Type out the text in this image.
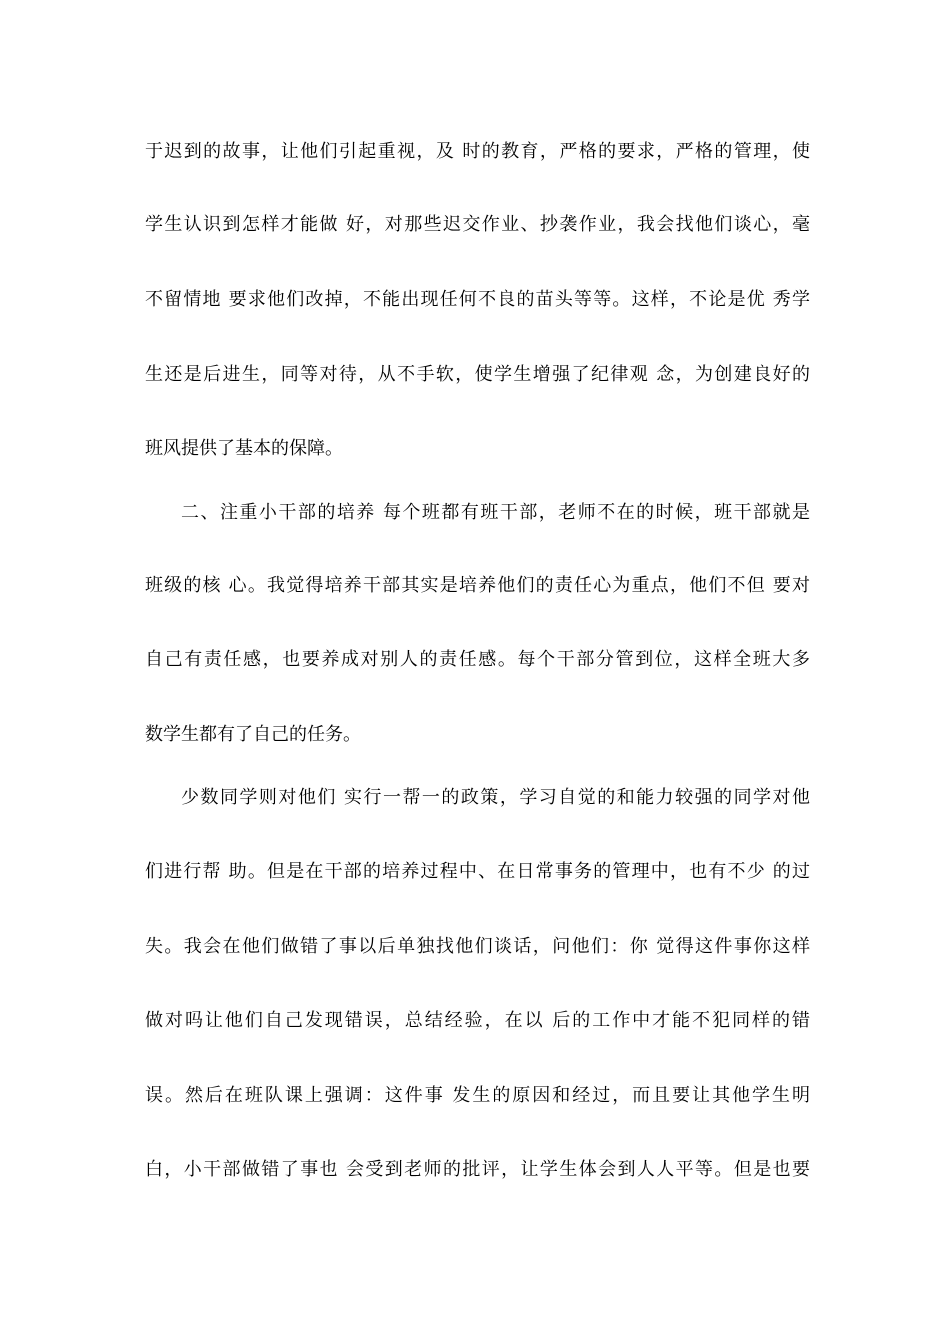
于迟到的故事，让他们引起重视，及 时的教育，严格的要求，严格的管理，使
学生认识到怎样才能做 好，对那些迟交作业、抄袭作业，我会找他们谈心，毫
不留情地 要求他们改掉，不能出现任何不良的苗头等等。这样，不论是优 秀学
生还是后进生，同等对待，从不手软，使学生增强了纪律观 念，为创建良好的
班风提供了基本的保障。
二、注重小干部的培养 每个班都有班干部，老师不在的时候，班干部就是
班级的核 心。我觉得培养干部其实是培养他们的责任心为重点，他们不但 要对
自己有责任感，也要养成对别人的责任感。每个干部分管到位，这样全班大多
数学生都有了自己的任务。
少数同学则对他们 实行一帮一的政策，学习自觉的和能力较强的同学对他
们进行帮 助。但是在干部的培养过程中、在日常事务的管理中，也有不少 的过
失。我会在他们做错了事以后单独找他们谈话，问他们：你 觉得这件事你这样
做对吗让他们自己发现错误，总结经验，在以 后的工作中才能不犯同样的错
误。然后在班队课上强调：这件事 发生的原因和经过，而且要让其他学生明
白，小干部做错了事也 会受到老师的批评，让学生体会到人人平等。但是也要
